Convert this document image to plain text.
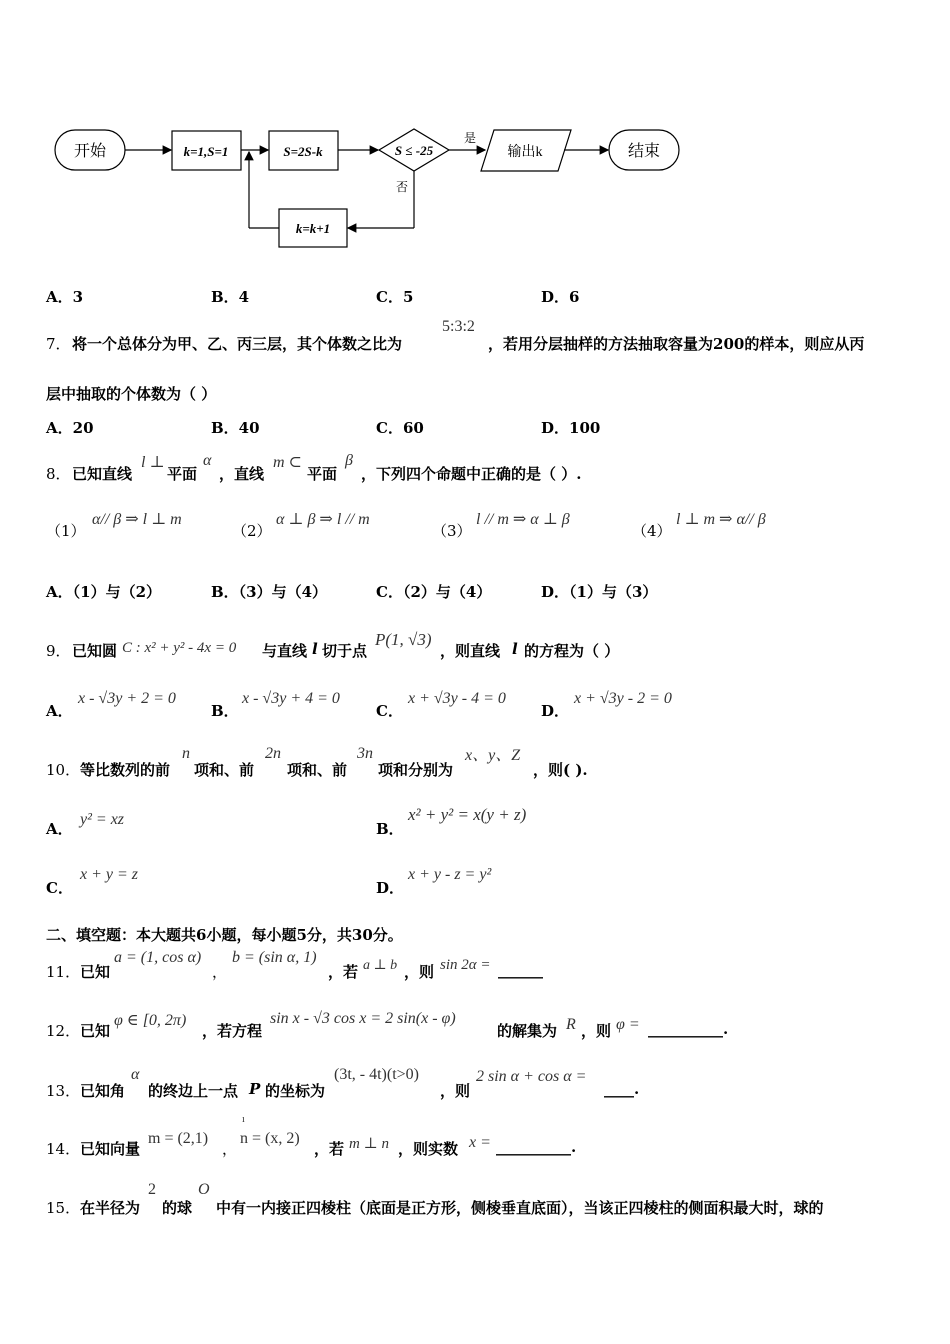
开始	k=1,S=1	S=2S-k	S ≤ -25
是
输出k	结束
否
k=k+1
A．3	B．4	C．5	D．6
7． 将一个总体分为甲、乙、丙三层，其个体数之比为
5:3:2
，若用分层抽样的方法抽取容量为200的样本，则应从丙
层中抽取的个体数为（ ）
A．20	B．40	C．60	D．100
8． 已知直线
l ⊥
平面
α
，直线
m ⊂
平面
β
，下列四个命题中正确的是（ ）.
（1）
α// β ⇒ l ⊥ m
（2）
α ⊥ β ⇒ l // m
（3）
l // m ⇒ α ⊥ β
（4）
l ⊥ m ⇒ α// β
A．（1）与（2）	B．（3）与（4）	C．（2）与（4）	D．（1）与（3）
9． 已知圆 C : x² + y² - 4x = 0 与直线 l 切于点
P(1, √3)
，则直线 l 的方程为（ ）
A．
x - √3y + 2 = 0
B．
x - √3y + 4 = 0
C．
x + √3y - 4 = 0
D．
x + √3y - 2 = 0
10． 等比数列的前
n
项和、前
2n
项和、前
3n
项和分别为
x、y、Z
，则( ).
A．
y² = xz
B．
x² + y² = x(y + z)
C．
x + y = z
D．
x + y - z = y²
二、填空题：本大题共6小题，每小题5分，共30分。
11． 已知
a = (1, cos α)
，
b = (sin α, 1)
，若 a ⊥ b ，则 sin 2α = ______
12． 已知
φ ∈ [0, 2π)
，若方程
sin x - √3 cos x = 2 sin(x - φ)
的解集为 R ，则 φ = __________.
13． 已知角
α
的终边上一点 P 的坐标为
(3t, - 4t)(t>0)
，则
2 sin α + cos α =
____.
14． 已知向量
m = (2,1)
，
ı
n = (x, 2)
，若 m ⊥ n ，则实数 x = __________.
15． 在半径为
2
的球
O
中有一内接正四棱柱（底面是正方形，侧棱垂直底面），当该正四棱柱的侧面积最大时，球的
